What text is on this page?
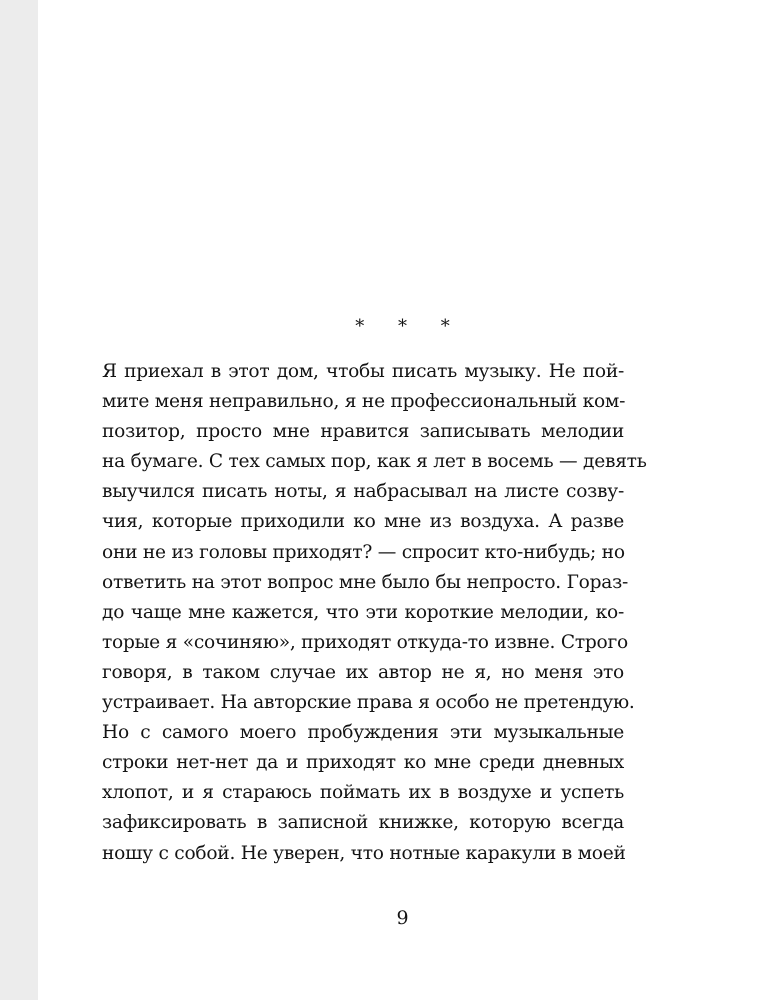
* * *
Я приехал в этот дом, чтобы писать музыку. Не пой-
мите меня неправильно, я не профессиональный ком-
позитор, просто мне нравится записывать мелодии
на бумаге. С тех самых пор, как я лет в восемь — девять
выучился писать ноты, я набрасывал на листе созву-
чия, которые приходили ко мне из воздуха. А разве
они не из головы приходят? — спросит кто-нибудь; но
ответить на этот вопрос мне было бы непросто. Гораз-
до чаще мне кажется, что эти короткие мелодии, ко-
торые я «сочиняю», приходят откуда-то извне. Строго
говоря, в таком случае их автор не я, но меня это
устраивает. На авторские права я особо не претендую.
Но с самого моего пробуждения эти музыкальные
строки нет-нет да и приходят ко мне среди дневных
хлопот, и я стараюсь поймать их в воздухе и успеть
зафиксировать в записной книжке, которую всегда
ношу с собой. Не уверен, что нотные каракули в моей
9
